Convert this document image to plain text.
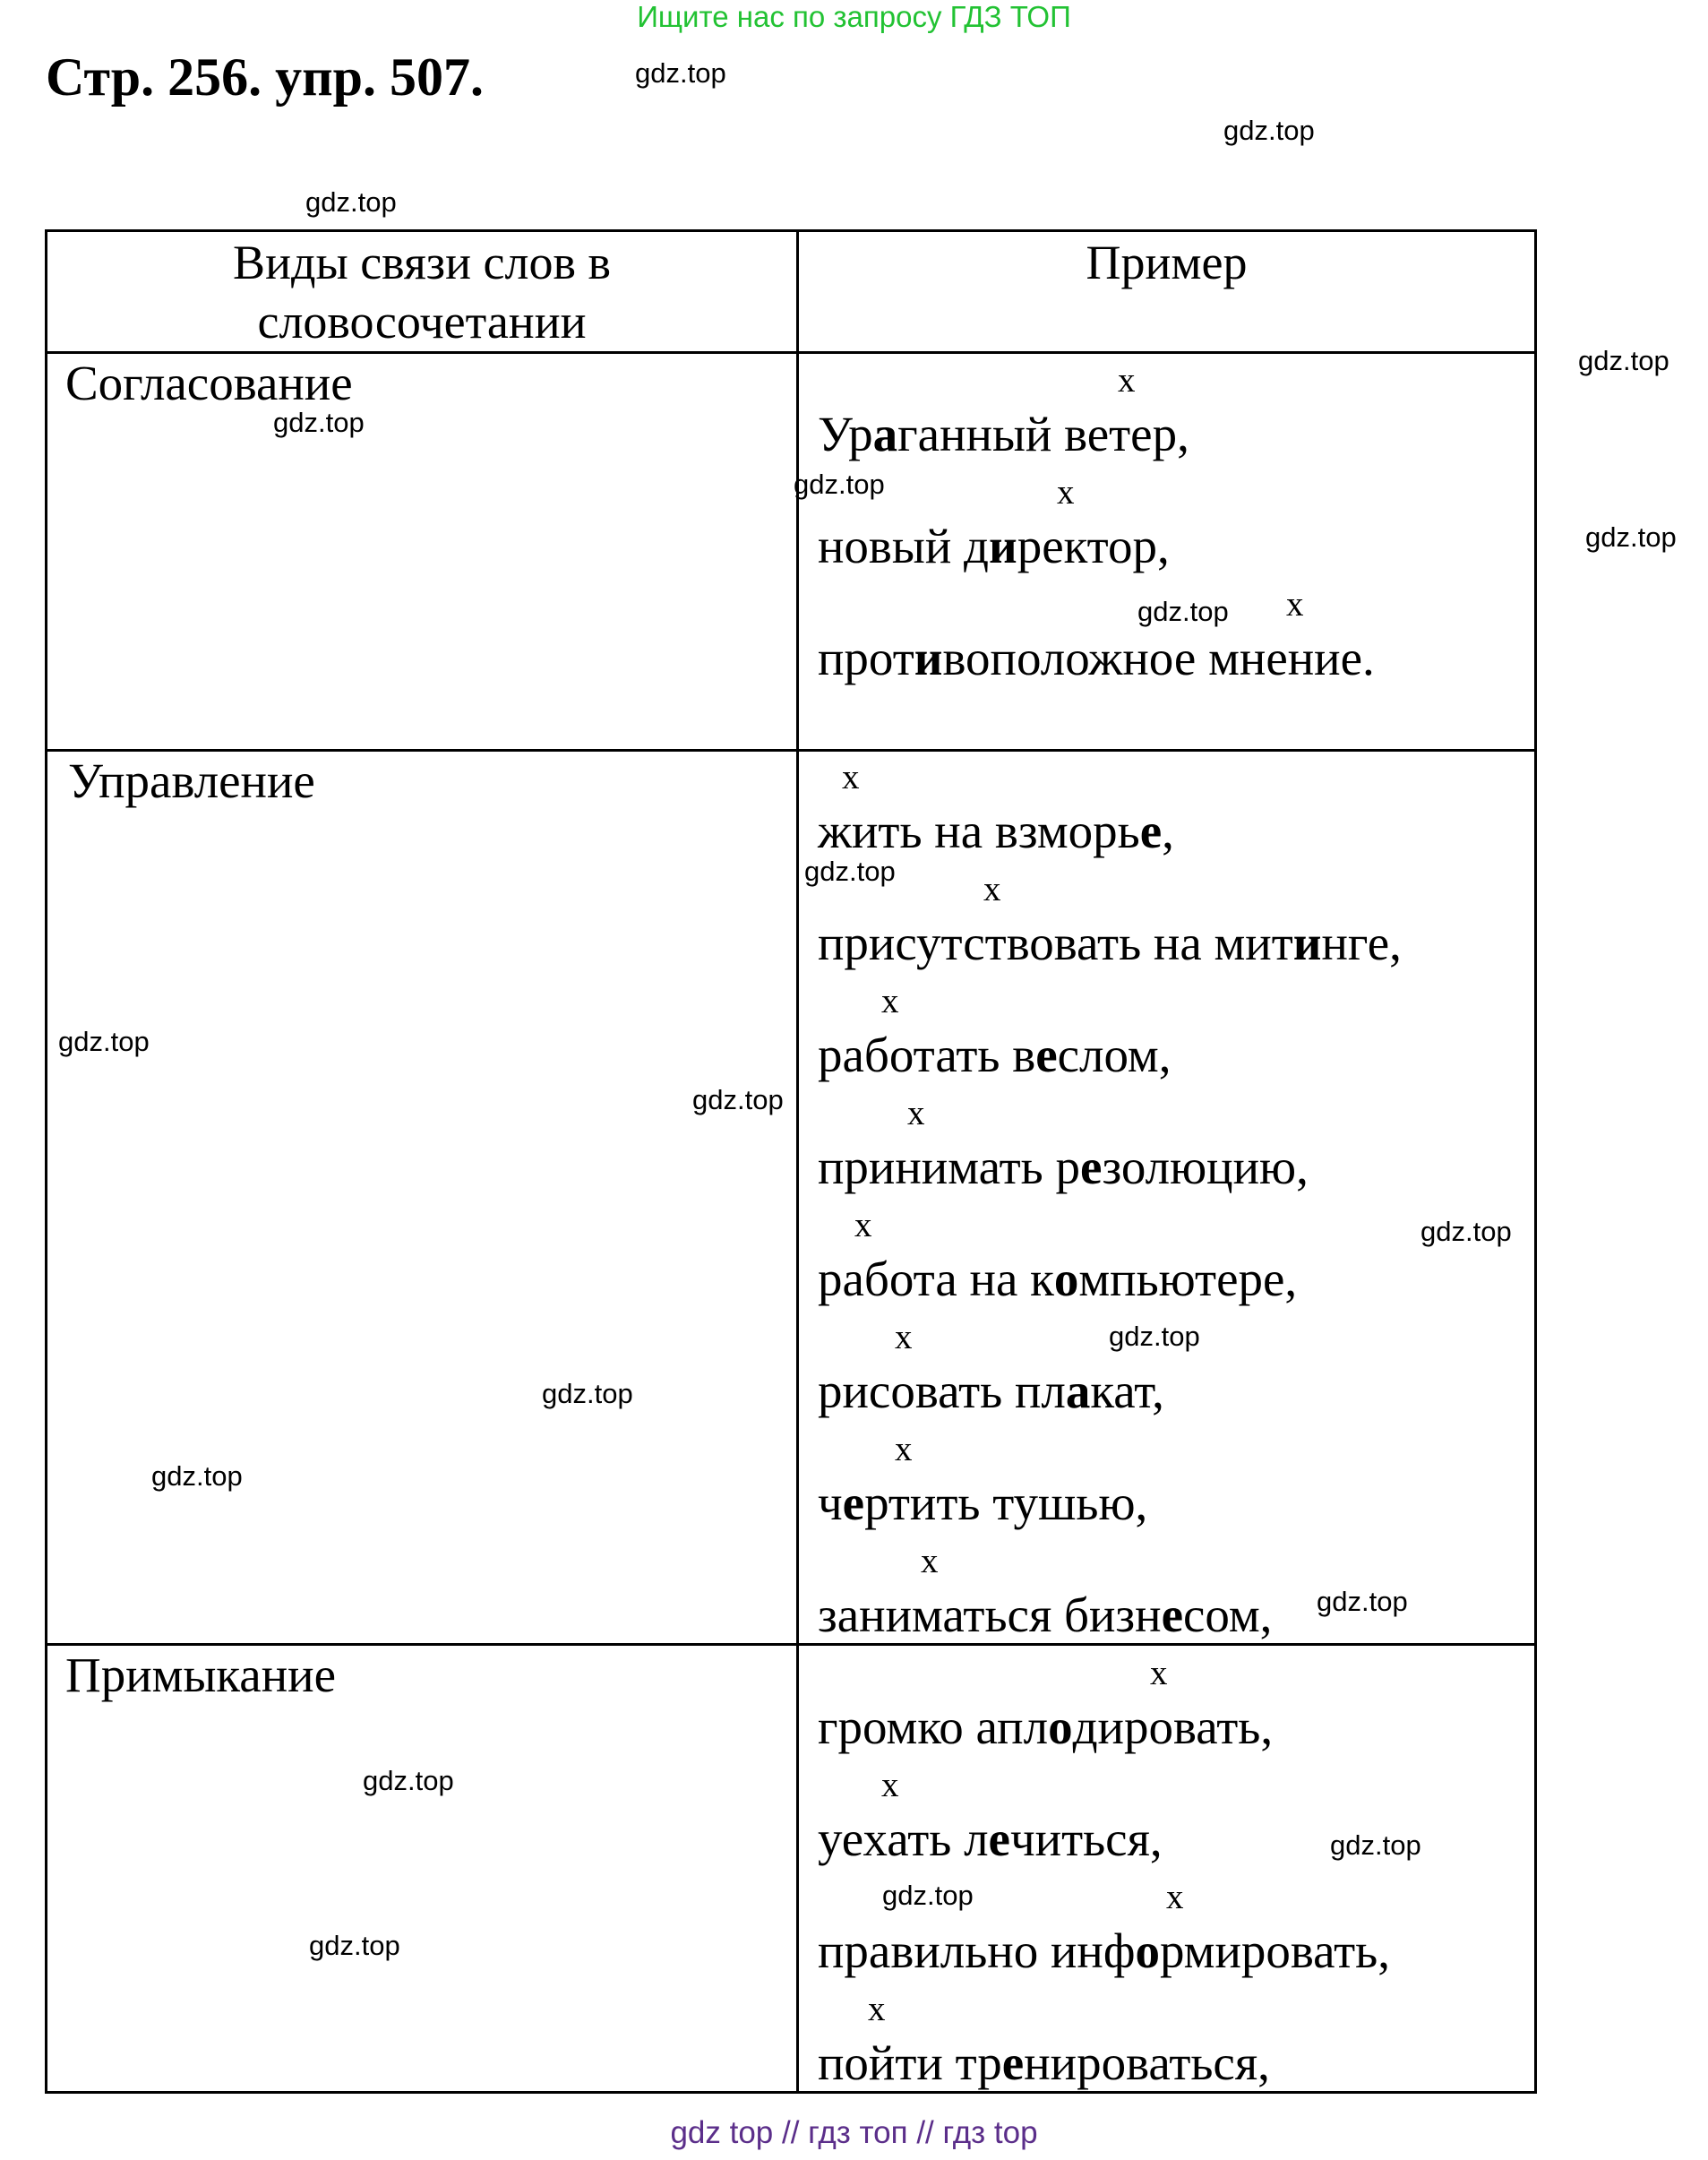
Ищите нас по запросу ГДЗ ТОП
Стр. 256. упр. 507.
Виды связи слов в
словосочетании
Пример
Согласование
Управление
Примыкание
x
Ураганный ветер,
x
новый директор,
x
противоположное мнение.
x
жить на взморье,
x
присутствовать на митинге,
x
работать веслом,
x
принимать резолюцию,
x
работа на компьютере,
x
рисовать плакат,
x
чертить тушью,
x
заниматься бизнесом,
x
громко аплодировать,
x
уехать лечиться,
x
правильно информировать,
x
пойти тренироваться,
gdz.top
gdz.top
gdz.top
gdz.top
gdz.top
gdz.top
gdz.top
gdz.top
gdz.top
gdz.top
gdz.top
gdz.top
gdz.top
gdz.top
gdz.top
gdz.top
gdz.top
gdz.top
gdz.top
gdz.top
gdz top // гдз топ // гдз top
